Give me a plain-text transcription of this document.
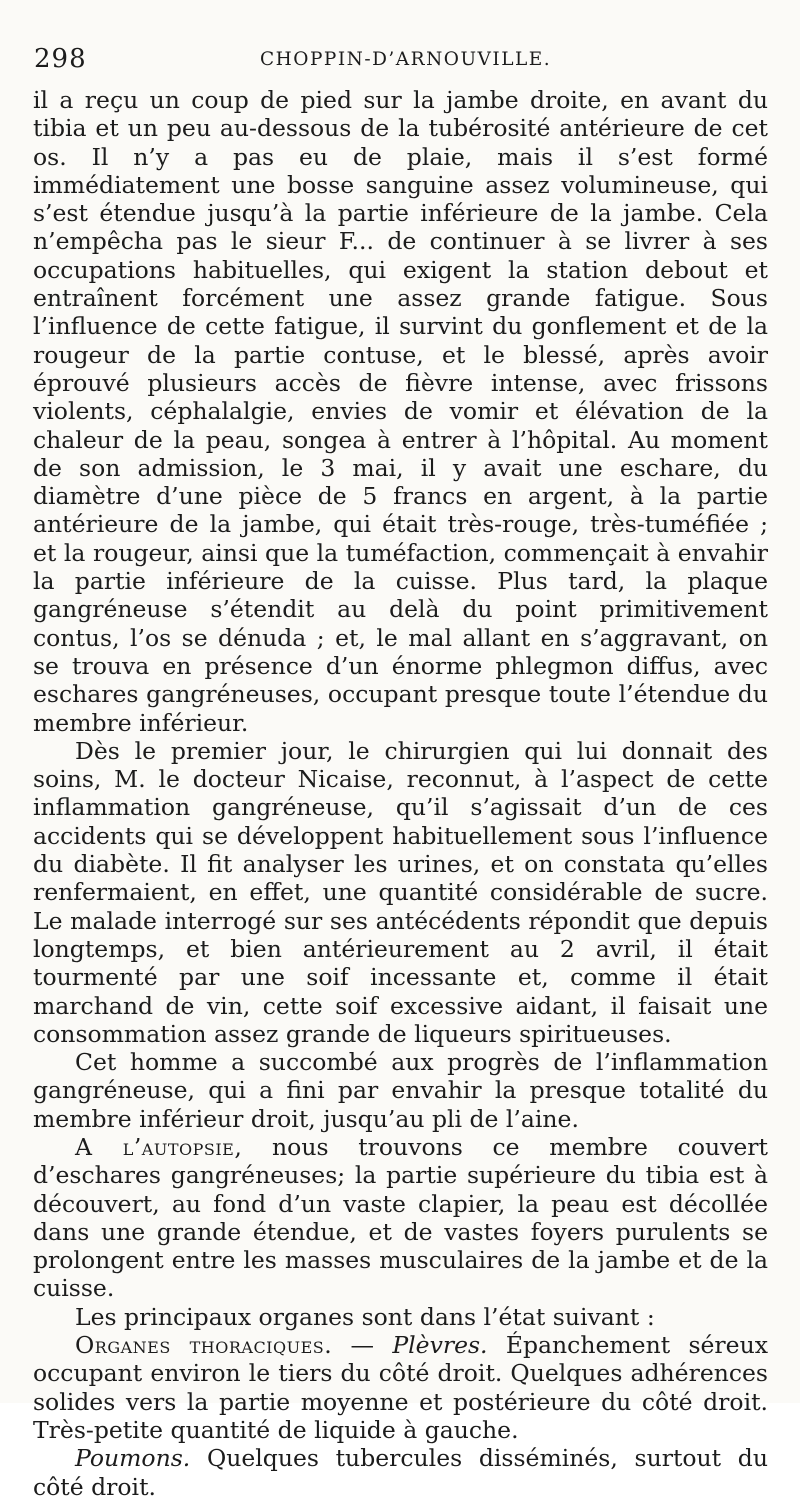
298	CHOPPIN-D’ARNOUVILLE.

il a reçu un coup de pied sur la jambe droite, en avant du tibia et un peu au-dessous de la tubérosité antérieure de cet os. Il n’y a pas eu de plaie, mais il s’est formé immédiatement une bosse sanguine assez volumineuse, qui s’est étendue jusqu’à la partie inférieure de la jambe. Cela n’empêcha pas le sieur F... de continuer à se livrer à ses occupations habituelles, qui exigent la station debout et entraînent forcément une assez grande fatigue. Sous l’influence de cette fatigue, il survint du gonflement et de la rougeur de la partie contuse, et le blessé, après avoir éprouvé plusieurs accès de fièvre intense, avec frissons violents, céphalalgie, envies de vomir et élévation de la chaleur de la peau, songea à entrer à l’hôpital. Au moment de son admission, le 3 mai, il y avait une eschare, du diamètre d’une pièce de 5 francs en argent, à la partie antérieure de la jambe, qui était très-rouge, très-tuméfiée ; et la rougeur, ainsi que la tuméfaction, commençait à envahir la partie inférieure de la cuisse. Plus tard, la plaque gangréneuse s’étendit au delà du point primitivement contus, l’os se dénuda ; et, le mal allant en s’aggravant, on se trouva en présence d’un énorme phlegmon diffus, avec eschares gangréneuses, occupant presque toute l’étendue du membre inférieur.

Dès le premier jour, le chirurgien qui lui donnait des soins, M. le docteur Nicaise, reconnut, à l’aspect de cette inflammation gangréneuse, qu’il s’agissait d’un de ces accidents qui se développent habituellement sous l’influence du diabète. Il fit analyser les urines, et on constata qu’elles renfermaient, en effet, une quantité considérable de sucre. Le malade interrogé sur ses antécédents répondit que depuis longtemps, et bien antérieurement au 2 avril, il était tourmenté par une soif incessante et, comme il était marchand de vin, cette soif excessive aidant, il faisait une consommation assez grande de liqueurs spiritueuses.

Cet homme a succombé aux progrès de l’inflammation gangréneuse, qui a fini par envahir la presque totalité du membre inférieur droit, jusqu’au pli de l’aine.

A l’autopsie, nous trouvons ce membre couvert d’eschares gangréneuses; la partie supérieure du tibia est à découvert, au fond d’un vaste clapier, la peau est décollée dans une grande étendue, et de vastes foyers purulents se prolongent entre les masses musculaires de la jambe et de la cuisse.

Les principaux organes sont dans l’état suivant :

Organes thoraciques. — Plèvres. Épanchement séreux occupant environ le tiers du côté droit. Quelques adhérences solides vers la partie moyenne et postérieure du côté droit. Très-petite quantité de liquide à gauche.

Poumons. Quelques tubercules disséminés, surtout du côté droit.
